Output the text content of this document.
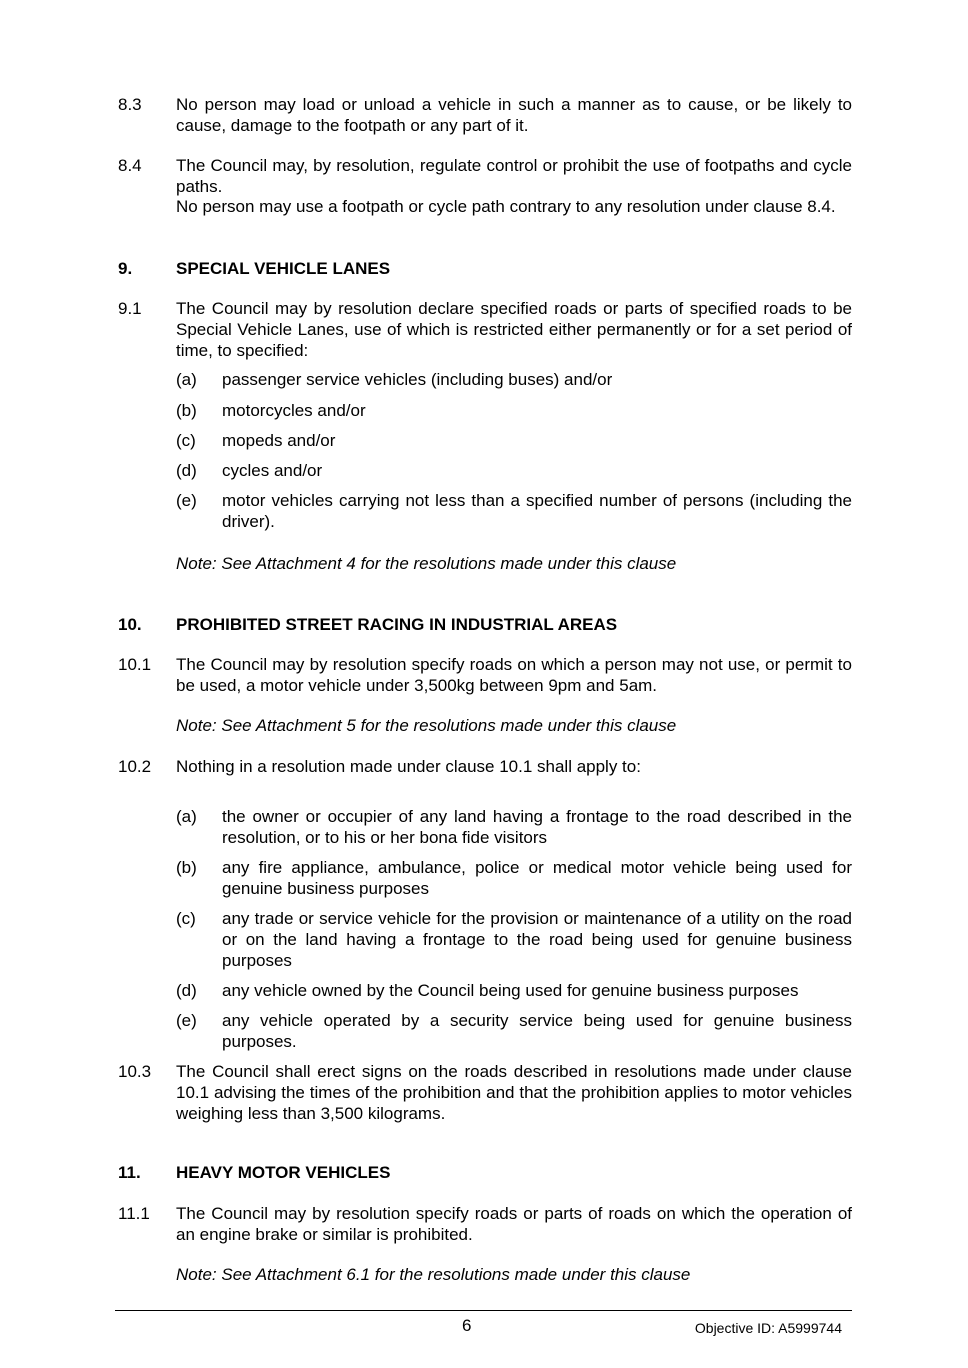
8.3	No person may load or unload a vehicle in such a manner as to cause, or be likely to cause, damage to the footpath or any part of it.
8.4	The Council may, by resolution, regulate control or prohibit the use of footpaths and cycle paths.
No person may use a footpath or cycle path contrary to any resolution under clause 8.4.
9.	SPECIAL VEHICLE LANES
9.1	The Council may by resolution declare specified roads or parts of specified roads to be Special Vehicle Lanes, use of which is restricted either permanently or for a set period of time, to specified:
(a)	passenger service vehicles (including buses) and/or
(b)	motorcycles and/or
(c)	mopeds and/or
(d)	cycles and/or
(e)	motor vehicles carrying not less than a specified number of persons (including the driver).
Note: See Attachment 4 for the resolutions made under this clause
10.	PROHIBITED STREET RACING IN INDUSTRIAL AREAS
10.1	The Council may by resolution specify roads on which a person may not use, or permit to be used, a motor vehicle under 3,500kg between 9pm and 5am.
Note: See Attachment 5 for the resolutions made under this clause
10.2	Nothing in a resolution made under clause 10.1 shall apply to:
(a)	the owner or occupier of any land having a frontage to the road described in the resolution, or to his or her bona fide visitors
(b)	any fire appliance, ambulance, police or medical motor vehicle being used for genuine business purposes
(c)	any trade or service vehicle for the provision or maintenance of a utility on the road or on the land having a frontage to the road being used for genuine business purposes
(d)	any vehicle owned by the Council being used for genuine business purposes
(e)	any vehicle operated by a security service being used for genuine business purposes.
10.3	The Council shall erect signs on the roads described in resolutions made under clause 10.1 advising the times of the prohibition and that the prohibition applies to motor vehicles weighing less than 3,500 kilograms.
11.	HEAVY MOTOR VEHICLES
11.1	The Council may by resolution specify roads or parts of roads on which the operation of an engine brake or similar is prohibited.
Note: See Attachment 6.1 for the resolutions made under this clause
6	Objective ID: A5999744
